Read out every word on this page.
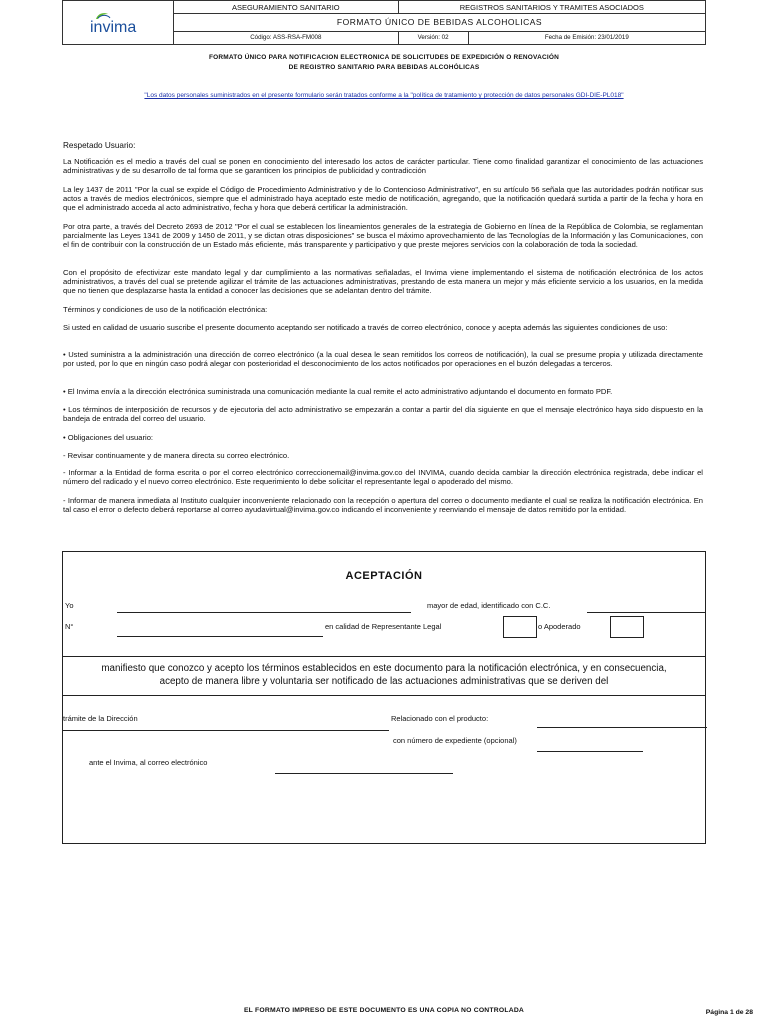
invima	ASEGURAMIENTO SANITARIO	REGISTROS SANITARIOS Y TRAMITES ASOCIADOS	
	FORMATO ÚNICO DE BEBIDAS ALCOHOLICAS		
	Código: ASS-RSA-FM008	Versión: 02	Fecha de Emisión: 23/01/2019
FORMATO ÚNICO PARA NOTIFICACION ELECTRONICA DE SOLICITUDES DE EXPEDICIÓN O RENOVACIÓN
DE REGISTRO SANITARIO PARA BEBIDAS ALCOHÓLICAS
"Los datos personales suministrados en el presente formulario serán tratados conforme a la "política de tratamiento y protección de datos personales GDI-DIE-PL018"
Respetado Usuario:
La Notificación es el medio a través del cual se ponen en conocimiento del interesado los actos de carácter particular. Tiene como finalidad garantizar el conocimiento de las actuaciones administrativas y de su desarrollo de tal forma que se garanticen los principios de publicidad y contradicción
La ley 1437 de 2011 "Por la cual se expide el Código de Procedimiento Administrativo y de lo Contencioso Administrativo", en su artículo 56 señala que las autoridades podrán notificar sus actos a través de medios electrónicos, siempre que el administrado haya aceptado este medio de notificación, agregando, que la notificación quedará surtida a partir de la fecha y hora en que el administrado acceda al acto administrativo, fecha y hora que deberá certificar la administración.
Por otra parte, a través del Decreto 2693 de 2012 "Por el cual se establecen los lineamientos generales de la estrategia de Gobierno en línea de la República de Colombia, se reglamentan parcialmente las Leyes 1341 de 2009 y 1450 de 2011, y se dictan otras disposiciones" se busca el máximo aprovechamiento de las Tecnologías de la Información y las Comunicaciones, con el fin de contribuir con la construcción de un Estado más eficiente, más transparente y participativo y que preste mejores servicios con la colaboración de toda la sociedad.
Con el propósito de efectivizar este mandato legal y dar cumplimiento a las normativas señaladas, el Invima viene implementando el sistema de notificación electrónica de los actos administrativos, a través del cual se pretende agilizar el trámite de las actuaciones administrativas, prestando de esta manera un mejor y más eficiente servicio a los usuarios, en la medida que no tienen que desplazarse hasta la entidad a conocer las decisiones que se adelantan dentro del trámite.
Términos y condiciones de uso de la notificación electrónica:
Si usted en calidad de usuario suscribe el presente documento aceptando ser notificado a través de correo electrónico, conoce y acepta además las siguientes condiciones de uso:
• Usted suministra a la administración una dirección de correo electrónico (a la cual desea le sean remitidos los correos de notificación), la cual se presume propia y utilizada directamente por usted, por lo que en ningún caso podrá alegar con posterioridad el desconocimiento de los actos notificados por operaciones en el buzón delegadas a terceros.
• El Invima envía a la dirección electrónica suministrada una comunicación mediante la cual remite el acto administrativo adjuntando el documento en formato PDF.
• Los términos de interposición de recursos y de ejecutoria del acto administrativo se empezarán a contar a partir del día siguiente en que el mensaje electrónico haya sido dispuesto en la bandeja de entrada del correo del usuario.
• Obligaciones del usuario:
- Revisar continuamente y de manera directa su correo electrónico.
- Informar a la Entidad de forma escrita o por el correo electrónico correccionemail@invima.gov.co del INVIMA, cuando decida cambiar la dirección electrónica registrada, debe indicar el número del radicado y el nuevo correo electrónico. Este requerimiento lo debe solicitar el representante legal o apoderado del mismo.
- Informar de manera inmediata al Instituto cualquier inconveniente relacionado con la recepción o apertura del correo o documento mediante el cual se realiza la notificación electrónica. En tal caso el error o defecto deberá reportarse al correo ayudavirtual@invima.gov.co indicando el inconveniente y reenviando el mensaje de datos remitido por la entidad.
ACEPTACIÓN
Yo	mayor de edad, identificado con C.C.
N°	en calidad de Representante Legal	o Apoderado
manifiesto que conozco y acepto los términos establecidos en este documento para la notificación electrónica, y en consecuencia,
acepto de manera libre y voluntaria ser notificado de las actuaciones administrativas que se deriven del
trámite de la Dirección	Relacionado con el producto:
con número de expediente (opcional)
ante el Invima, al correo electrónico
EL FORMATO IMPRESO DE ESTE DOCUMENTO ES UNA COPIA NO CONTROLADA	Página 1 de 28
